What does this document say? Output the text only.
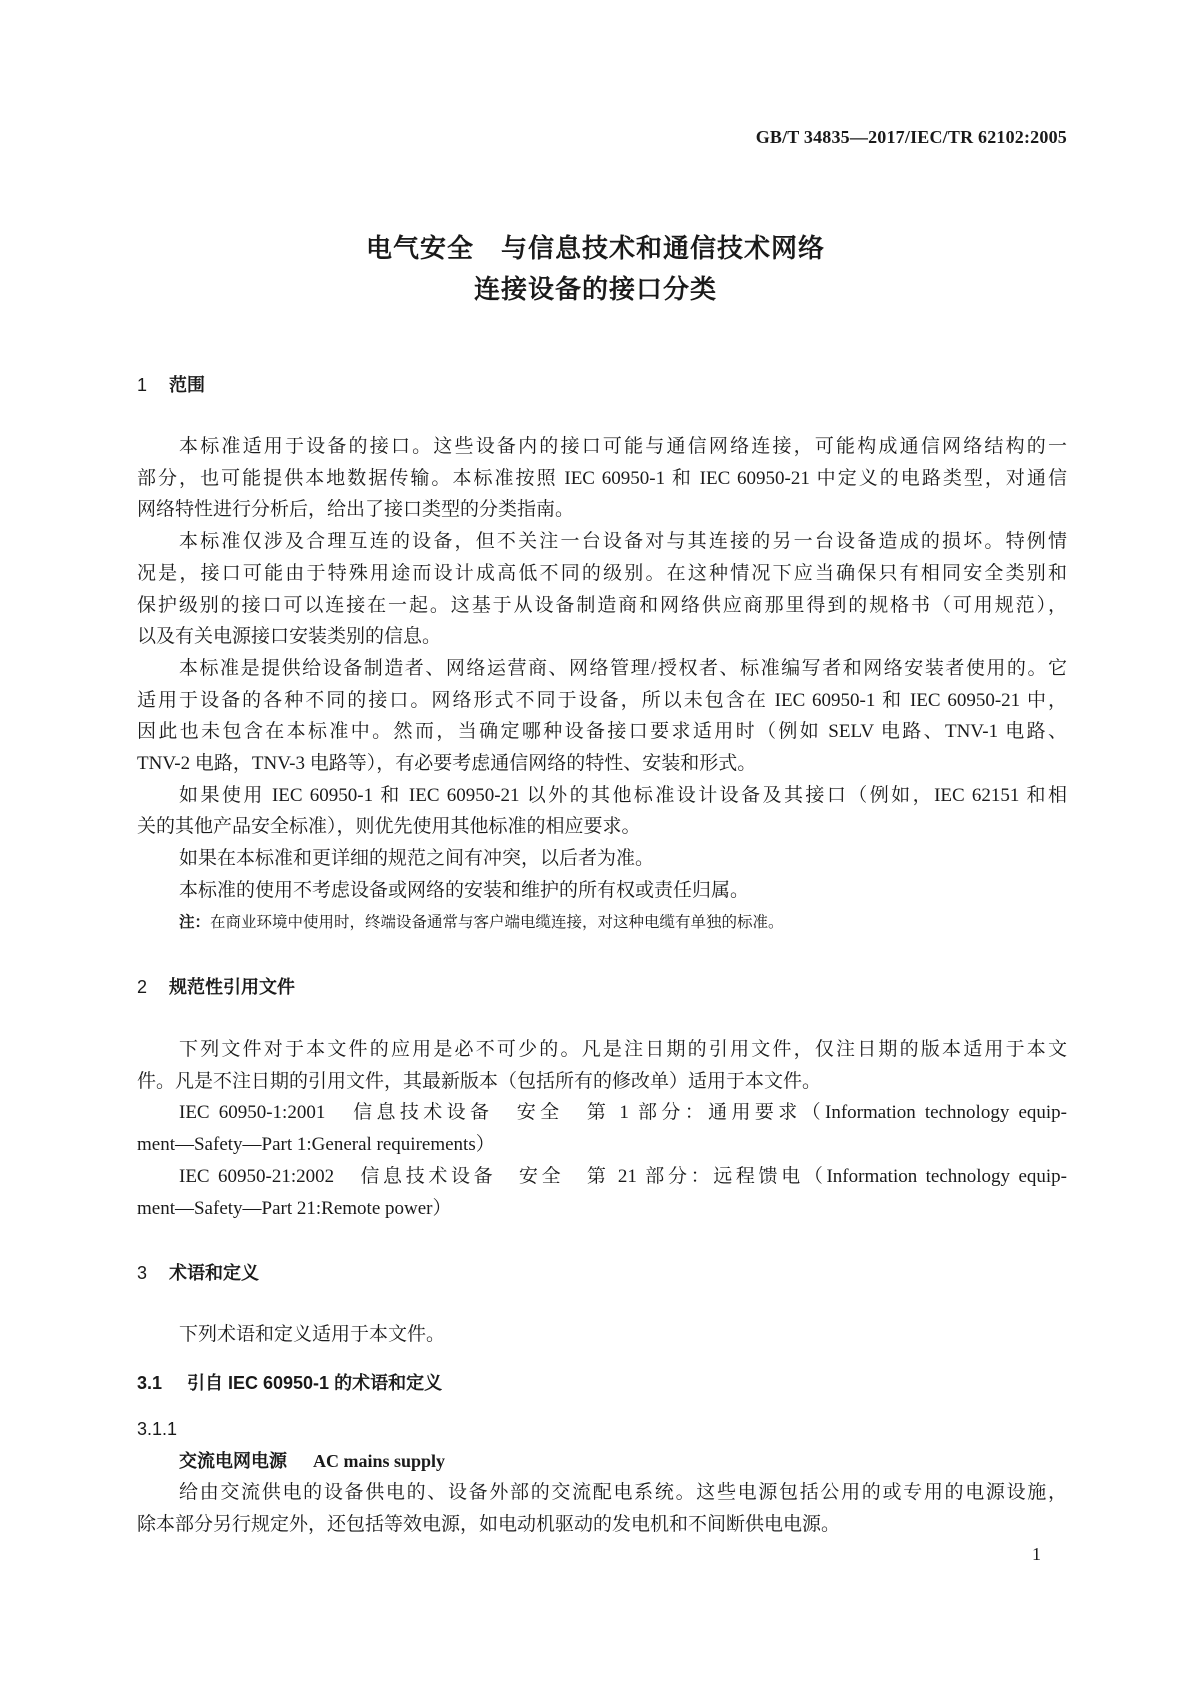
GB/T 34835—2017/IEC/TR 62102:2005
电气安全　与信息技术和通信技术网络
连接设备的接口分类
1 范围
本标准适用于设备的接口。这些设备内的接口可能与通信网络连接，可能构成通信网络结构的一
部分，也可能提供本地数据传输。本标准按照 IEC 60950-1 和 IEC 60950-21 中定义的电路类型，对通信
网络特性进行分析后，给出了接口类型的分类指南。
本标准仅涉及合理互连的设备，但不关注一台设备对与其连接的另一台设备造成的损坏。特例情
况是，接口可能由于特殊用途而设计成高低不同的级别。在这种情况下应当确保只有相同安全类别和
保护级别的接口可以连接在一起。这基于从设备制造商和网络供应商那里得到的规格书（可用规范），
以及有关电源接口安装类别的信息。
本标准是提供给设备制造者、网络运营商、网络管理/授权者、标准编写者和网络安装者使用的。它
适用于设备的各种不同的接口。网络形式不同于设备，所以未包含在 IEC 60950-1 和 IEC 60950-21 中，
因此也未包含在本标准中。然而，当确定哪种设备接口要求适用时（例如 SELV 电路、TNV-1 电路、
TNV-2 电路，TNV-3 电路等），有必要考虑通信网络的特性、安装和形式。
如果使用 IEC 60950-1 和 IEC 60950-21 以外的其他标准设计设备及其接口（例如，IEC 62151 和相
关的其他产品安全标准），则优先使用其他标准的相应要求。
如果在本标准和更详细的规范之间有冲突，以后者为准。
本标准的使用不考虑设备或网络的安装和维护的所有权或责任归属。
注：在商业环境中使用时，终端设备通常与客户端电缆连接，对这种电缆有单独的标准。
2 规范性引用文件
下列文件对于本文件的应用是必不可少的。凡是注日期的引用文件，仅注日期的版本适用于本文
件。凡是不注日期的引用文件，其最新版本（包括所有的修改单）适用于本文件。
IEC 60950-1:2001　信息技术设备　安全　第 1 部分：通用要求（Information technology equip-
ment—Safety—Part 1:General requirements）
IEC 60950-21:2002　信息技术设备　安全　第 21 部分：远程馈电（Information technology equip-
ment—Safety—Part 21:Remote power）
3 术语和定义
下列术语和定义适用于本文件。
3.1 引自 IEC 60950-1 的术语和定义
3.1.1
交流电网电源 AC mains supply
给由交流供电的设备供电的、设备外部的交流配电系统。这些电源包括公用的或专用的电源设施，
除本部分另行规定外，还包括等效电源，如电动机驱动的发电机和不间断供电电源。
1
